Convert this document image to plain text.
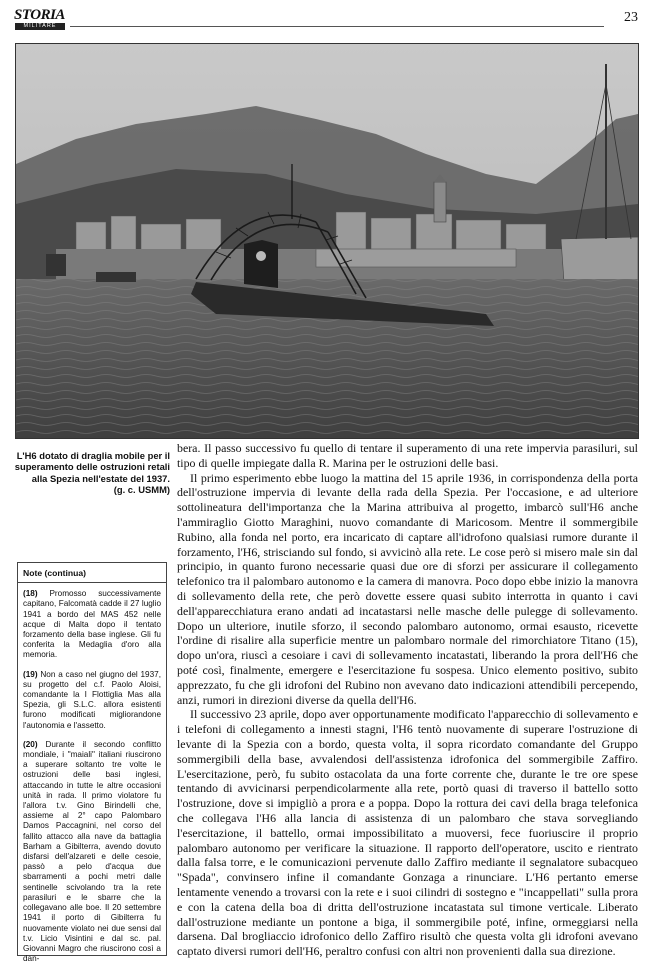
STORIA
MILITARE
23
L'H6 dotato di draglia mobile per il superamento delle ostruzioni retali alla Spezia nell'estate del 1937.
(g. c. USMM)
Note (continua)
(18) Promosso successivamente capitano, Falcomatà cadde il 27 luglio 1941 a bordo del MAS 452 nelle acque di Malta dopo il tentato forzamento della base inglese. Gli fu conferita la Medaglia d'oro alla memoria.
(19) Non a caso nel giugno del 1937, su progetto del c.f. Paolo Aloisi, comandante la I Flottiglia Mas alla Spezia, gli S.L.C. allora esistenti furono modificati migliorandone l'autonomia e l'assetto.
(20) Durante il secondo conflitto mondiale, i "maiali" italiani riuscirono a superare soltanto tre volte le ostruzioni delle basi inglesi, attaccando in tutte le altre occasioni unità in rada. Il primo violatore fu l'allora t.v. Gino Birindelli che, assieme al 2° capo Palombaro Damos Paccagnini, nel corso del fallito attacco alla nave da battaglia Barham a Gibilterra, avendo dovuto disfarsi dell'alzareti e delle cesoie, passò a pelo d'acqua due sbarramenti a pochi metri dalle sentinelle scivolando tra la rete parasiluri e le sbarre che la collegavano alle boe. Il 20 settembre 1941 il porto di Gibilterra fu nuovamente violato nei due sensi dal t.v. Licio Visintini e dal sc. pal. Giovanni Magro che riuscirono così a dan-

bera. Il passo successivo fu quello di tentare il superamento di una rete impervia parasiluri, sul tipo di quelle impiegate dalla R. Marina per le ostruzioni delle basi.

Il primo esperimento ebbe luogo la mattina del 15 aprile 1936, in corrispondenza della porta dell'ostruzione impervia di levante della rada della Spezia. Per l'occasione, e ad ulteriore sottolineatura dell'importanza che la Marina attribuiva al progetto, imbarcò sull'H6 anche l'ammiraglio Giotto Maraghini, nuovo comandante di Maricosom. Mentre il sommergibile Rubino, alla fonda nel porto, era incaricato di captare all'idrofono qualsiasi rumore durante il forzamento, l'H6, strisciando sul fondo, si avvicinò alla rete. Le cose però si misero male sin dal principio, in quanto furono necessarie quasi due ore di sforzi per assicurare il collegamento telefonico tra il palombaro autonomo e la camera di manovra. Poco dopo ebbe inizio la manovra di sollevamento della rete, che però dovette essere quasi subito interrotta in quanto i cavi dell'apparecchiatura erano andati ad incatastarsi nelle masche delle pulegge di sollevamento. Dopo un ulteriore, inutile sforzo, il secondo palombaro autonomo, ormai esausto, ricevette l'ordine di risalire alla superficie mentre un palombaro normale del rimorchiatore Titano (15), dopo un'ora, riuscì a cesoiare i cavi di sollevamento incatastati, liberando la prora dell'H6 che poté così, finalmente, emergere e l'esercitazione fu sospesa. Unico elemento positivo, subito apprezzato, fu che gli idrofoni del Rubino non avevano dato indicazioni attendibili percependo, anzi, rumori in direzioni diverse da quella dell'H6.

Il successivo 23 aprile, dopo aver opportunamente modificato l'apparecchio di sollevamento e i telefoni di collegamento a innesti stagni, l'H6 tentò nuovamente di superare l'ostruzione di levante di la Spezia con a bordo, questa volta, il sopra ricordato comandante del Gruppo sommergibili della base, avvalendosi dell'assistenza idrofonica del sommergibile Zaffiro. L'esercitazione, però, fu subito ostacolata da una forte corrente che, durante le tre ore spese tentando di avvicinarsi perpendicolarmente alla rete, portò quasi di traverso il battello sotto l'ostruzione, dove si impigliò a prora e a poppa. Dopo la rottura dei cavi della braga telefonica che collegava l'H6 alla lancia di assistenza di un palombaro che stava sorvegliando l'esercitazione, il battello, ormai impossibilitato a muoversi, fece fuoriuscire il proprio palombaro autonomo per verificare la situazione. Il rapporto dell'operatore, uscito e rientrato dalla falsa torre, e le comunicazioni pervenute dallo Zaffiro mediante il segnalatore subacqueo "Spada", convinsero infine il comandante Gonzaga a rinunciare. L'H6 pertanto emerse lentamente venendo a trovarsi con la rete e i suoi cilindri di sostegno e "incappellati" sulla prora e con la catena della boa di dritta dell'ostruzione incatastata sul timone verticale. Liberato dall'ostruzione mediante un pontone a biga, il sommergibile poté, infine, ormeggiarsi nella darsena. Dal brogliaccio idrofonico dello Zaffiro risultò che questa volta gli idrofoni avevano captato diversi rumori dell'H6, peraltro confusi con altri non provenienti dalla sua direzione.
